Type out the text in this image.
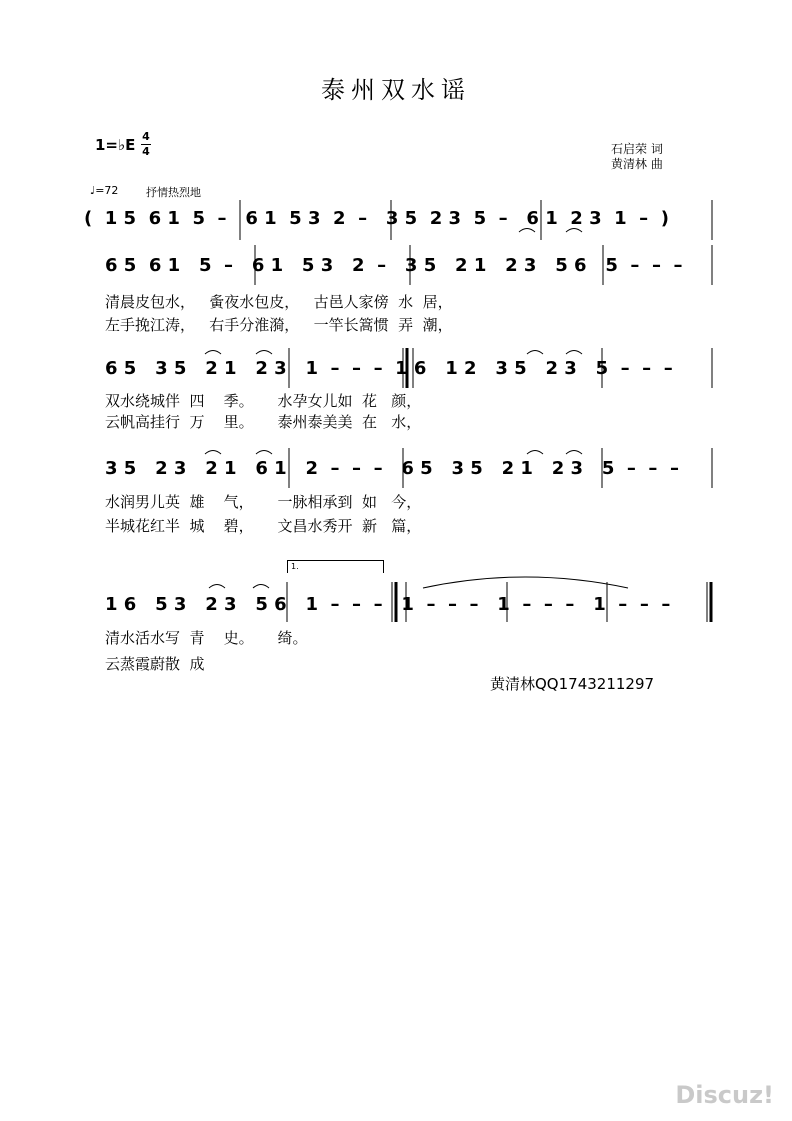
泰州双水谣
1=♭E 4
4	石启荣 词
黄清林 曲
♩=72	抒情热烈地
(  1 5  6 1  5  –   6 1  5 3  2  –   3 5  2 3  5  –   6 1  2 3  1  –  )
6 5  6 1   5  –   6 1   5 3   2  –   3 5   2 1   2 3   5 6   5  –  –  –
清晨皮包水，   夤夜水包皮，   古邑人家傍  水  居，
左手挽江涛，   右手分淮漪，   一竿长篙惯  弄  潮，
6 5   3 5   2 1   2 3   1  –  –  –  1 6   1 2   3 5   2 3   5  –  –  –
双水绕城伴  四    季。     水孕女儿如  花   颜，
云帆高挂行  万    里。     泰州泰美美  在   水，
3 5   2 3   2 1   6 1   2  –  –  –   6 5   3 5   2 1   2 3   5  –  –  –
水润男儿英  雄    气，     一脉相承到  如   今，
半城花红半  城    碧，     文昌水秀开  新   篇，
1.
1 6   5 3   2 3   5 6   1  –  –  –   1  –  –  –   1  –  –  –   1  –  –  –
清水活水写  青    史。     绮。
云蒸霞蔚散  成
黄清林QQ1743211297
Discuz!
